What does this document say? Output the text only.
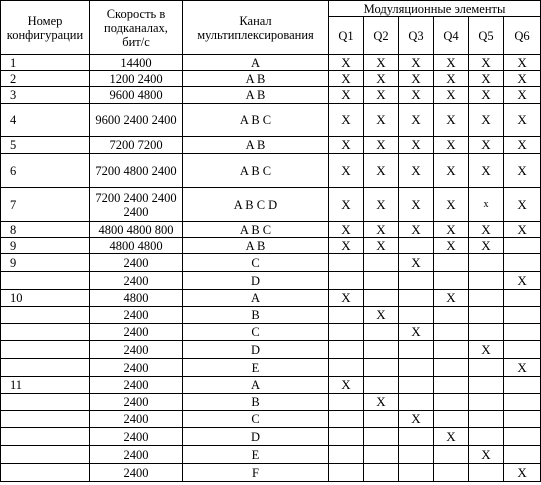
Номер конфигурации	Скорость в подканалах, бит/с	Канал мультиплексирования	Модуляционные элементы					
			Q1	Q2	Q3	Q4	Q5	Q6
1	14400	A	X	X	X	X	X	X
2	1200 2400	A B	X	X	X	X	X	X
3	9600 4800	A B	X	X	X	X	X	X
4	9600 2400 2400	A B C	X	X	X	X	X	X
5	7200 7200	A B	X	X	X	X	X	X
6	7200 4800 2400	A B C	X	X	X	X	X	X
7	7200 2400 2400 2400	A B C D	X	X	X	X	x	X
8	4800 4800 800	A B C	X	X	X	X	X	X
9	4800 4800	A B	X	X		X	X	
9	2400	C			X			
	2400	D						X
10	4800	A	X			X		
	2400	B		X				
	2400	C			X			
	2400	D					X	
	2400	E						X
11	2400	A	X					
	2400	B		X				
	2400	C			X			
	2400	D				X		
	2400	E					X	
	2400	F						X
